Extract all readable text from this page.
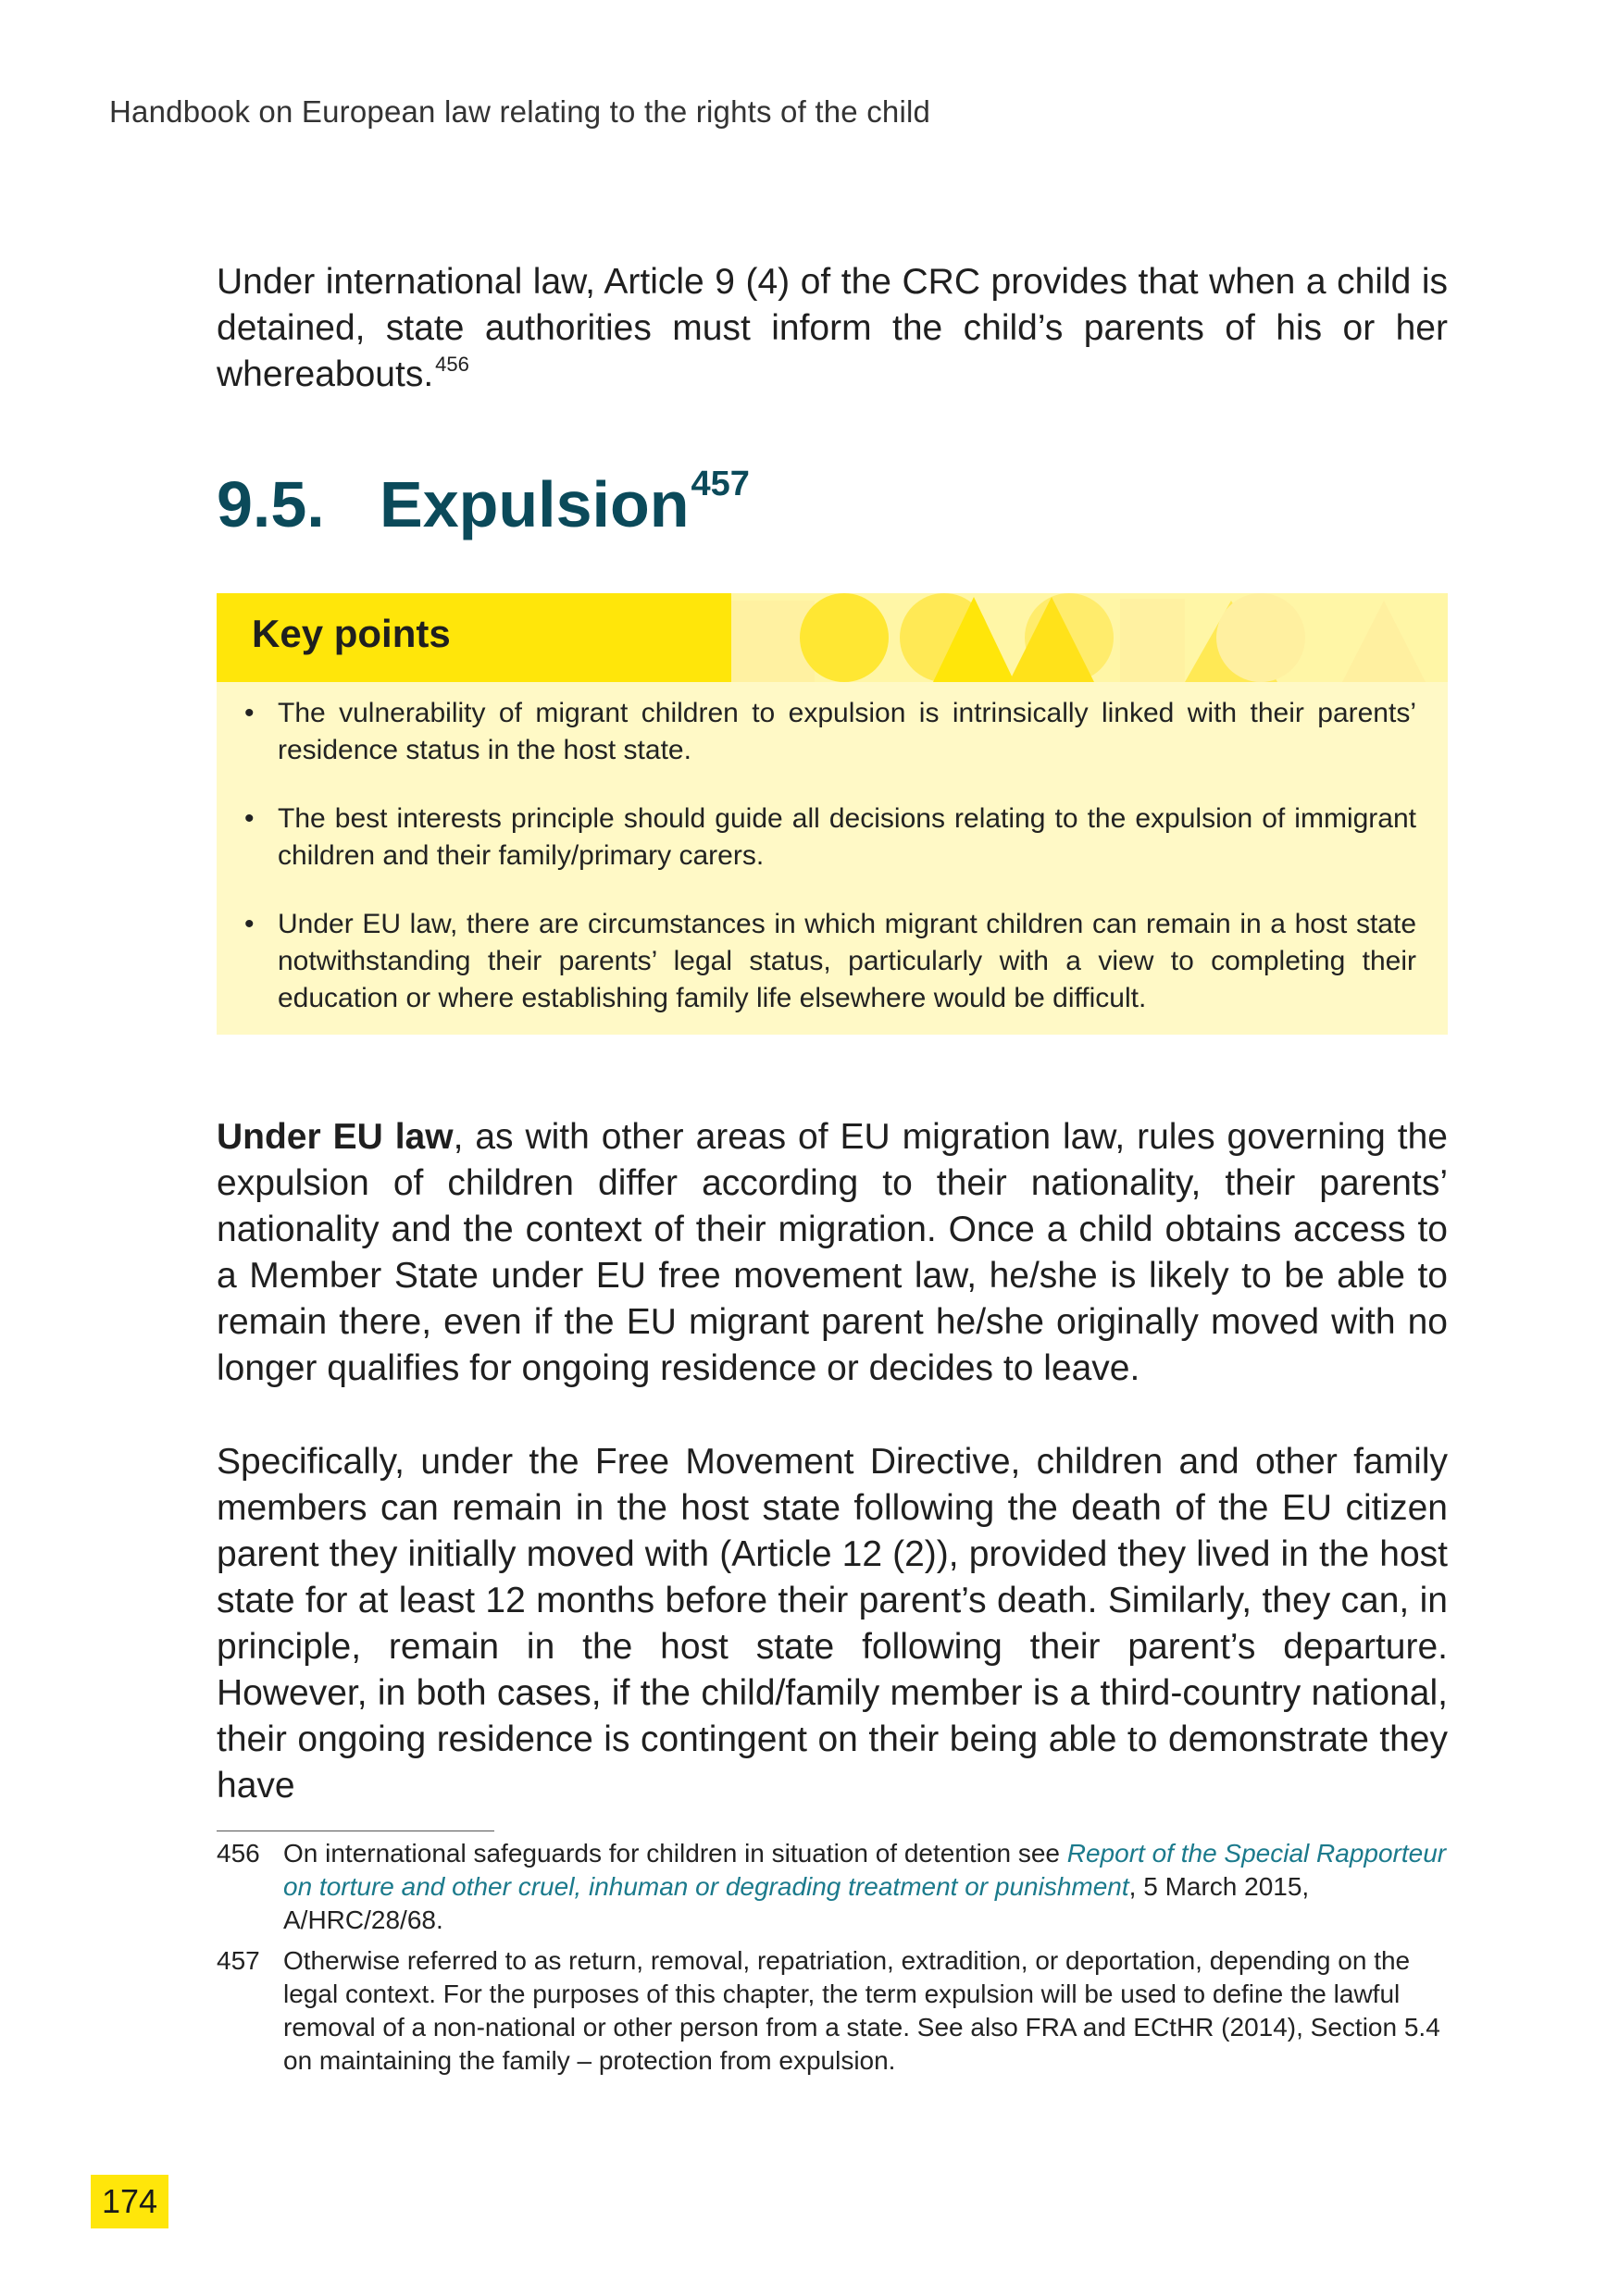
Handbook on European law relating to the rights of the child

Under international law, Article 9 (4) of the CRC provides that when a child is detained, state authorities must inform the child’s parents of his or her whereabouts.$^{456}$

9.5. Expulsion$^{457}$
Key points
• The vulnerability of migrant children to expulsion is intrinsically linked with their parents’ residence status in the host state.
• The best interests principle should guide all decisions relating to the expulsion of immigrant children and their family/primary carers.
• Under EU law, there are circumstances in which migrant children can remain in a host state notwithstanding their parents’ legal status, particularly with a view to completing their education or where establishing family life elsewhere would be difficult.

Under EU law, as with other areas of EU migration law, rules governing the expulsion of children differ according to their nationality, their parents’ nationality and the context of their migration. Once a child obtains access to a Member State under EU free movement law, he/she is likely to be able to remain there, even if the EU migrant parent he/she originally moved with no longer qualifies for ongoing residence or decides to leave.

Specifically, under the Free Movement Directive, children and other family members can remain in the host state following the death of the EU citizen parent they initially moved with (Article 12 (2)), provided they lived in the host state for at least 12 months before their parent’s death. Similarly, they can, in principle, remain in the host state following their parent’s departure. However, in both cases, if the child/family member is a third-country national, their ongoing residence is contingent on their being able to demonstrate they have

456 On international safeguards for children in situation of detention see Report of the Special Rapporteur on torture and other cruel, inhuman or degrading treatment or punishment, 5 March 2015, A/HRC/28/68.
457 Otherwise referred to as return, removal, repatriation, extradition, or deportation, depending on the legal context. For the purposes of this chapter, the term expulsion will be used to define the lawful removal of a non-national or other person from a state. See also FRA and ECtHR (2014), Section 5.4 on maintaining the family – protection from expulsion.
174
